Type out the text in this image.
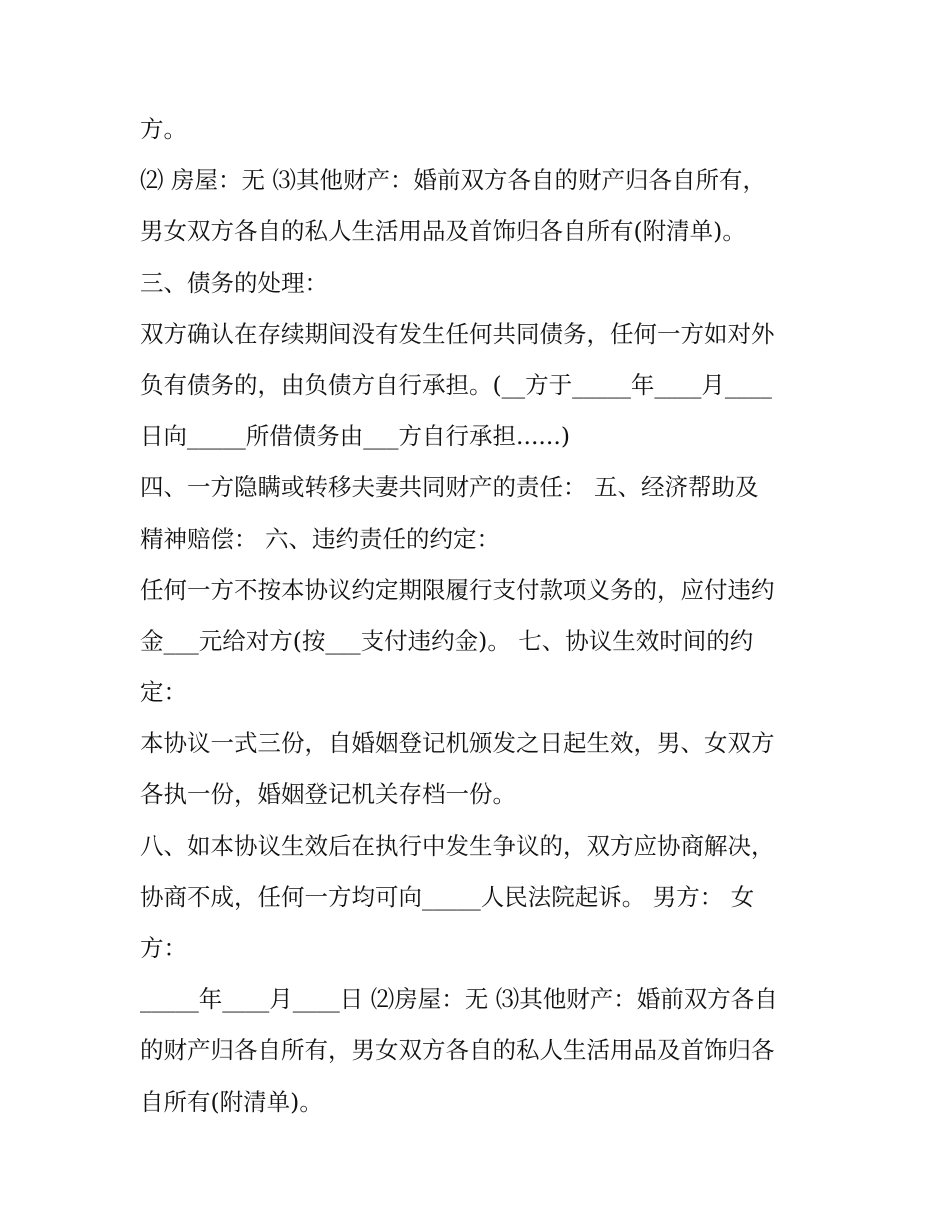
方。
⑵ 房屋：无 ⑶其他财产：婚前双方各自的财产归各自所有，
男女双方各自的私人生活用品及首饰归各自所有(附清单)。
三、债务的处理：
双方确认在存续期间没有发生任何共同债务，任何一方如对外
负有债务的，由负债方自行承担。(__方于_____年____月____
日向_____所借债务由___方自行承担......)
四、一方隐瞒或转移夫妻共同财产的责任： 五、经济帮助及
精神赔偿： 六、违约责任的约定：
任何一方不按本协议约定期限履行支付款项义务的，应付违约
金___元给对方(按___支付违约金)。 七、协议生效时间的约
定：
本协议一式三份，自婚姻登记机颁发之日起生效，男、女双方
各执一份，婚姻登记机关存档一份。
八、如本协议生效后在执行中发生争议的，双方应协商解决，
协商不成，任何一方均可向_____人民法院起诉。 男方： 女
方：
_____年____月____日 ⑵房屋：无 ⑶其他财产：婚前双方各自
的财产归各自所有，男女双方各自的私人生活用品及首饰归各
自所有(附清单)。
